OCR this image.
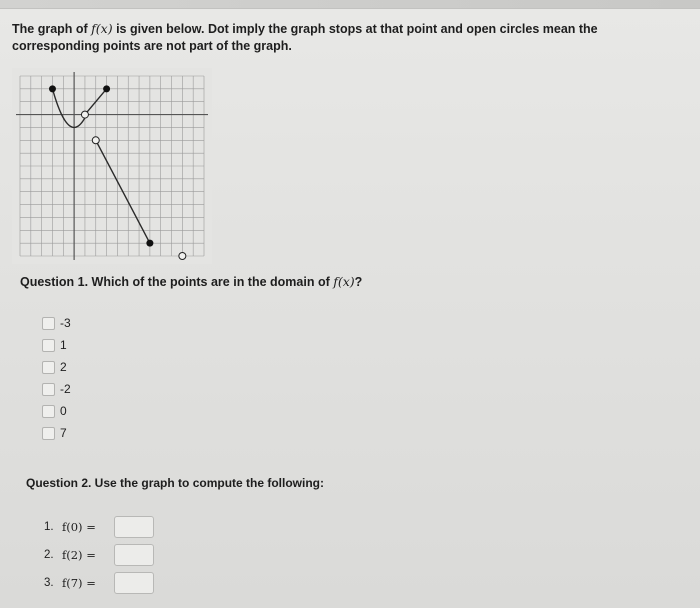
The graph of f(x) is given below. Dot imply the graph stops at that point and open circles mean the corresponding points are not part of the graph.
Question 1. Which of the points are in the domain of f(x)?
-3
1
2
-2
0
7
Question 2. Use the graph to compute the following:
1. f(0) =
2. f(2) =
3. f(7) =
